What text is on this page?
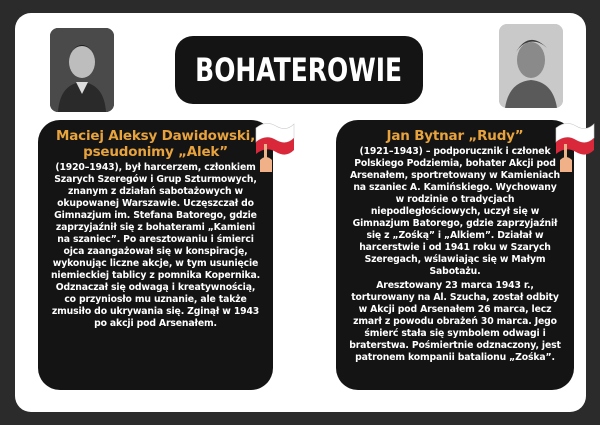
BOHATEROWIE
Maciej Aleksy Dawidowski, pseudonimy „Alek”
(1920–1943), był harcerzem, członkiem Szarych Szeregów i Grup Szturmowych, znanym z działań sabotażowych w okupowanej Warszawie. Uczęszczał do Gimnazjum im. Stefana Batorego, gdzie zaprzyjaźnił się z bohaterami „Kamieni na szaniec”. Po aresztowaniu i śmierci ojca zaangażował się w konspirację, wykonując liczne akcje, w tym usunięcie niemieckiej tablicy z pomnika Kopernika. Odznaczał się odwagą i kreatywnością, co przyniosło mu uznanie, ale także zmusiło do ukrywania się. Zginął w 1943 po akcji pod Arsenałem.
Jan Bytnar „Rudy”
(1921–1943) – podporucznik i członek Polskiego Podziemia, bohater Akcji pod Arsenałem, sportretowany w Kamieniach na szaniec A. Kamińskiego. Wychowany w rodzinie o tradycjach niepodległościowych, uczył się w Gimnazjum Batorego, gdzie zaprzyjaźnił się z „Zośką” i „Alkiem”. Działał w harcerstwie i od 1941 roku w Szarych Szeregach, wślawiając się w Małym Sabotażu.
Aresztowany 23 marca 1943 r., torturowany na Al. Szucha, został odbity w Akcji pod Arsenałem 26 marca, lecz zmarł z powodu obrażeń 30 marca. Jego śmierć stała się symbolem odwagi i braterstwa. Pośmiertnie odznaczony, jest patronem kompanii batalionu „Zośka”.
